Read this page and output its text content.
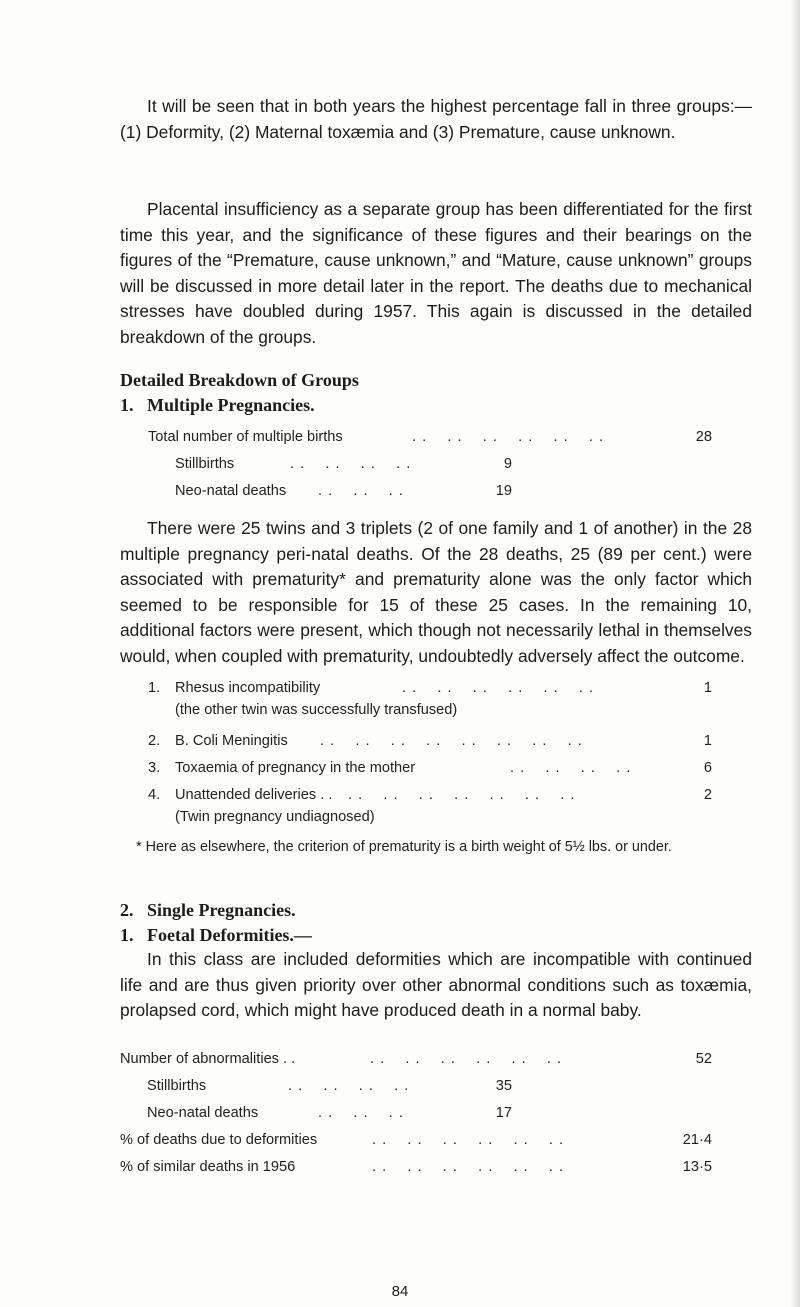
It will be seen that in both years the highest percentage fall in three groups:—(1) Deformity, (2) Maternal toxæmia and (3) Premature, cause unknown.

Placental insufficiency as a separate group has been differentiated for the first time this year, and the significance of these figures and their bearings on the figures of the “Premature, cause unknown,” and “Mature, cause unknown” groups will be discussed in more detail later in the report. The deaths due to mechanical stresses have doubled during 1957. This again is discussed in the detailed breakdown of the groups.

Detailed Breakdown of Groups
1. Multiple Pregnancies.
Total number of multiple births	. .    . .    . .    . .    . .    . .	28
Stillbirths	. .    . .    . .    . .	9
Neo-natal deaths . .    . .    . .	19

There were 25 twins and 3 triplets (2 of one family and 1 of another) in the 28 multiple pregnancy peri-natal deaths. Of the 28 deaths, 25 (89 per cent.) were associated with prematurity* and prematurity alone was the only factor which seemed to be responsible for 15 of these 25 cases. In the remaining 10, additional factors were present, which though not necessarily lethal in themselves would, when coupled with prematurity, undoubtedly adversely affect the outcome.

1. Rhesus incompatibility	. .    . .    . .    . .    . .    . .	1
(the other twin was successfully transfused)
2. B. Coli Meningitis . .    . .    . .    . .    . .    . .    . .    . .	1
3. Toxaemia of pregnancy in the mother	. .    . .    . .    . .	6
4. Unattended deliveries . . . .    . .    . .    . .    . .    . .    . .	2
(Twin pregnancy undiagnosed)
* Here as elsewhere, the criterion of prematurity is a birth weight of 5½ lbs. or under.
2. Single Pregnancies.
1. Foetal Deformities.—

In this class are included deformities which are incompatible with continued life and are thus given priority over other abnormal conditions such as toxæmia, prolapsed cord, which might have produced death in a normal baby.

Number of abnormalities . .	. .    . .    . .    . .    . .    . .	52
Stillbirths	. .    . .    . .    . .	35
Neo-natal deaths	. .    . .    . .	17
% of deaths due to deformities	. .    . .    . .    . .    . .    . .	21·4
% of similar deaths in 1956	. .    . .    . .    . .    . .    . .	13·5
84
